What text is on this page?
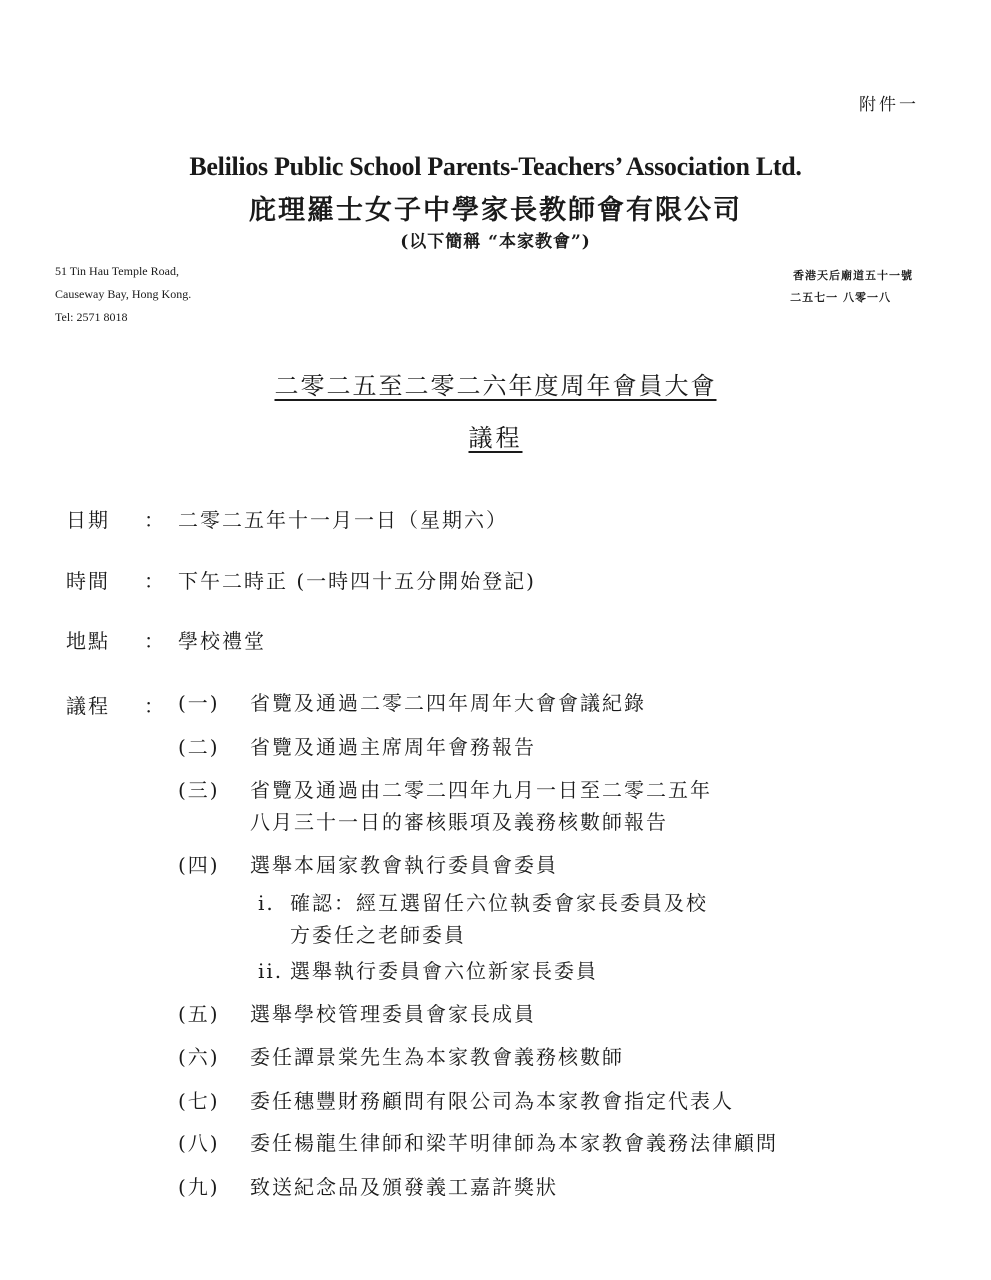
附件一
Belilios Public School Parents-Teachers’ Association Ltd.
庇理羅士女子中學家長教師會有限公司
(以下簡稱 “本家教會”)
51 Tin Hau Temple Road,
Causeway Bay, Hong Kong.
Tel: 2571 8018
香港天后廟道五十一號
二五七一 八零一八
二零二五至二零二六年度周年會員大會
議程
日期	： 二零二五年十一月一日（星期六）
時間	： 下午二時正 (一時四十五分開始登記)
地點	： 學校禮堂
議程	： (一)	省覽及通過二零二四年周年大會會議紀錄
(二)	省覽及通過主席周年會務報告
(三)	省覽及通過由二零二四年九月一日至二零二五年
八月三十一日的審核賬項及義務核數師報告
(四)	選舉本屆家教會執行委員會委員
i. 確認：經互選留任六位執委會家長委員及校
方委任之老師委員
ii. 選舉執行委員會六位新家長委員
(五)	選舉學校管理委員會家長成員
(六)	委任譚景棠先生為本家教會義務核數師
(七)	委任穗豐財務顧問有限公司為本家教會指定代表人
(八)	委任楊龍生律師和梁芊明律師為本家教會義務法律顧問
(九)	致送紀念品及頒發義工嘉許獎狀
